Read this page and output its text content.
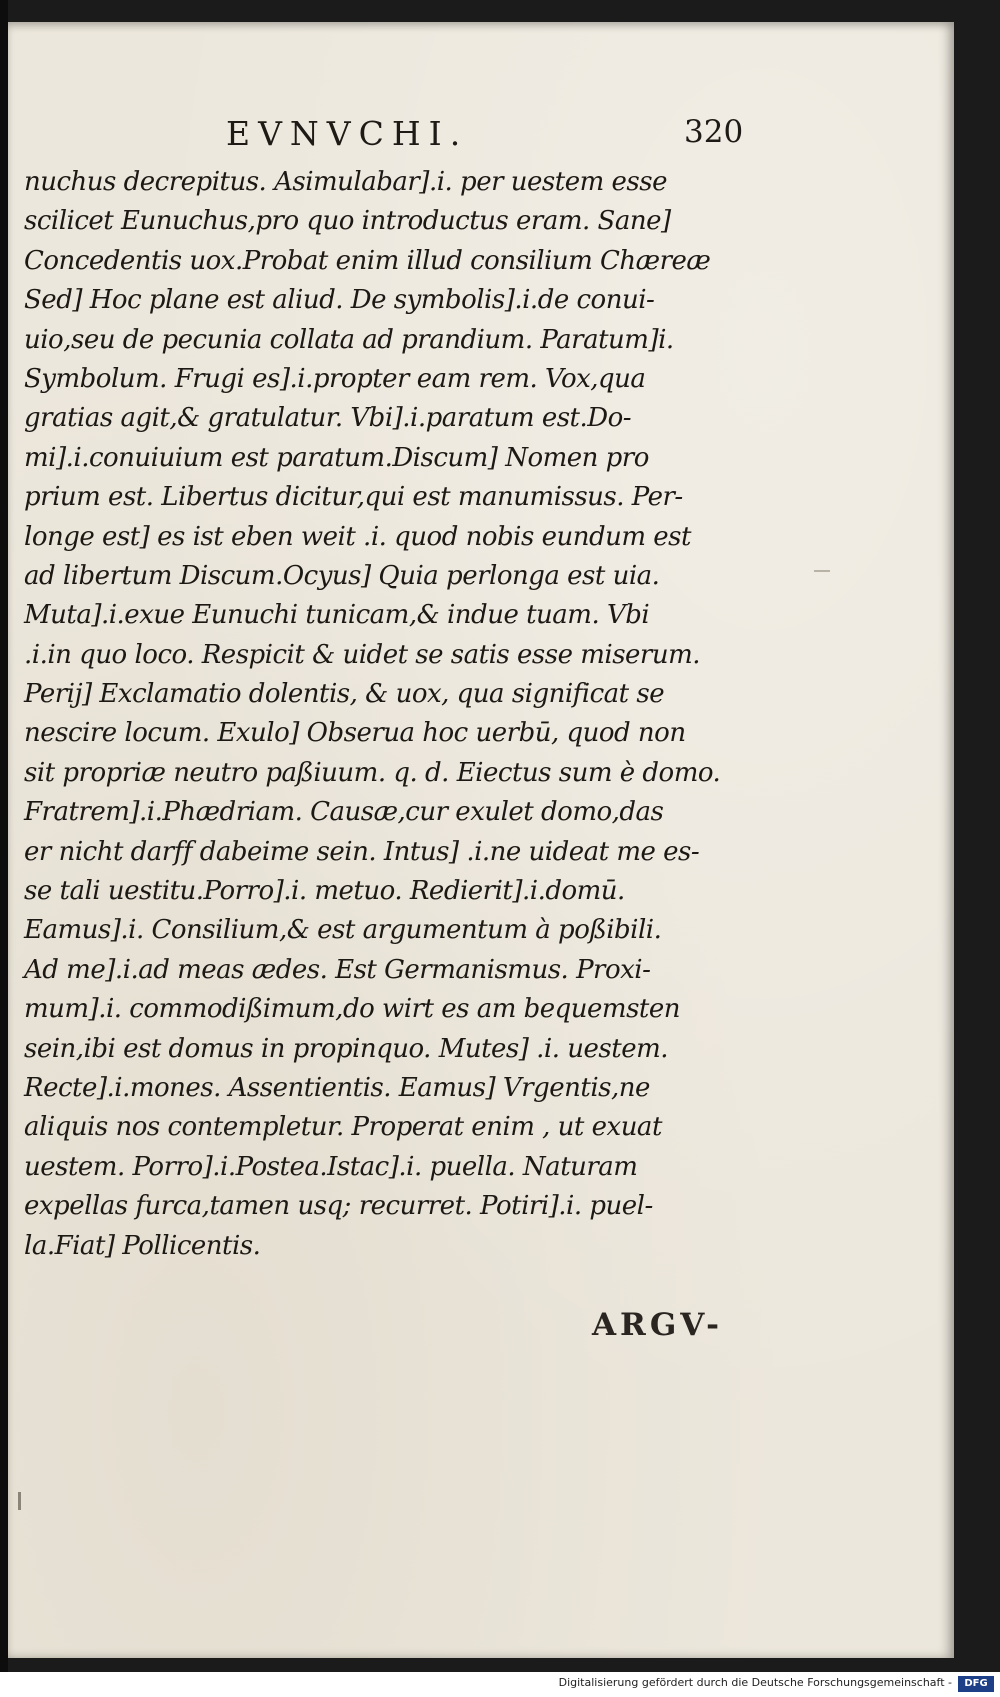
EVNVCHI.	320
nuchus decrepitus. Asimulabar].i. per uestem esse
scilicet Eunuchus,pro quo introductus eram. Sane]
Concedentis uox.Probat enim illud consilium Chæreæ
Sed] Hoc plane est aliud. De symbolis].i.de conui-
uio,seu de pecunia collata ad prandium. Paratum]i.
Symbolum. Frugi es].i.propter eam rem. Vox,qua
gratias agit,& gratulatur. Vbi].i.paratum est.Do-
mi].i.conuiuium est paratum.Discum] Nomen pro
prium est. Libertus dicitur,qui est manumissus. Per-
longe est] es ist eben weit .i. quod nobis eundum est
ad libertum Discum.Ocyus] Quia perlonga est uia.
Muta].i.exue Eunuchi tunicam,& indue tuam. Vbi
.i.in quo loco. Respicit & uidet se satis esse miserum.
Perij] Exclamatio dolentis, & uox, qua significat se
nescire locum. Exulo] Obserua hoc uerbū, quod non
sit propriæ neutro paßiuum. q. d. Eiectus sum è domo.
Fratrem].i.Phædriam. Causæ,cur exulet domo,das
er nicht darff dabeime sein. Intus] .i.ne uideat me es-
se tali uestitu.Porro].i. metuo. Redierit].i.domū.
Eamus].i. Consilium,& est argumentum à poßibili.
Ad me].i.ad meas ædes. Est Germanismus. Proxi-
mum].i. commodißimum,do wirt es am bequemsten
sein,ibi est domus in propinquo. Mutes] .i. uestem.
Recte].i.mones. Assentientis. Eamus] Vrgentis,ne
aliquis nos contempletur. Properat enim , ut exuat
uestem. Porro].i.Postea.Istac].i. puella. Naturam
expellas furca,tamen usq; recurret. Potiri].i. puel-
la.Fiat] Pollicentis.
ARGV-
Digitalisierung gefördert durch die Deutsche Forschungsgemeinschaft -	DFG
